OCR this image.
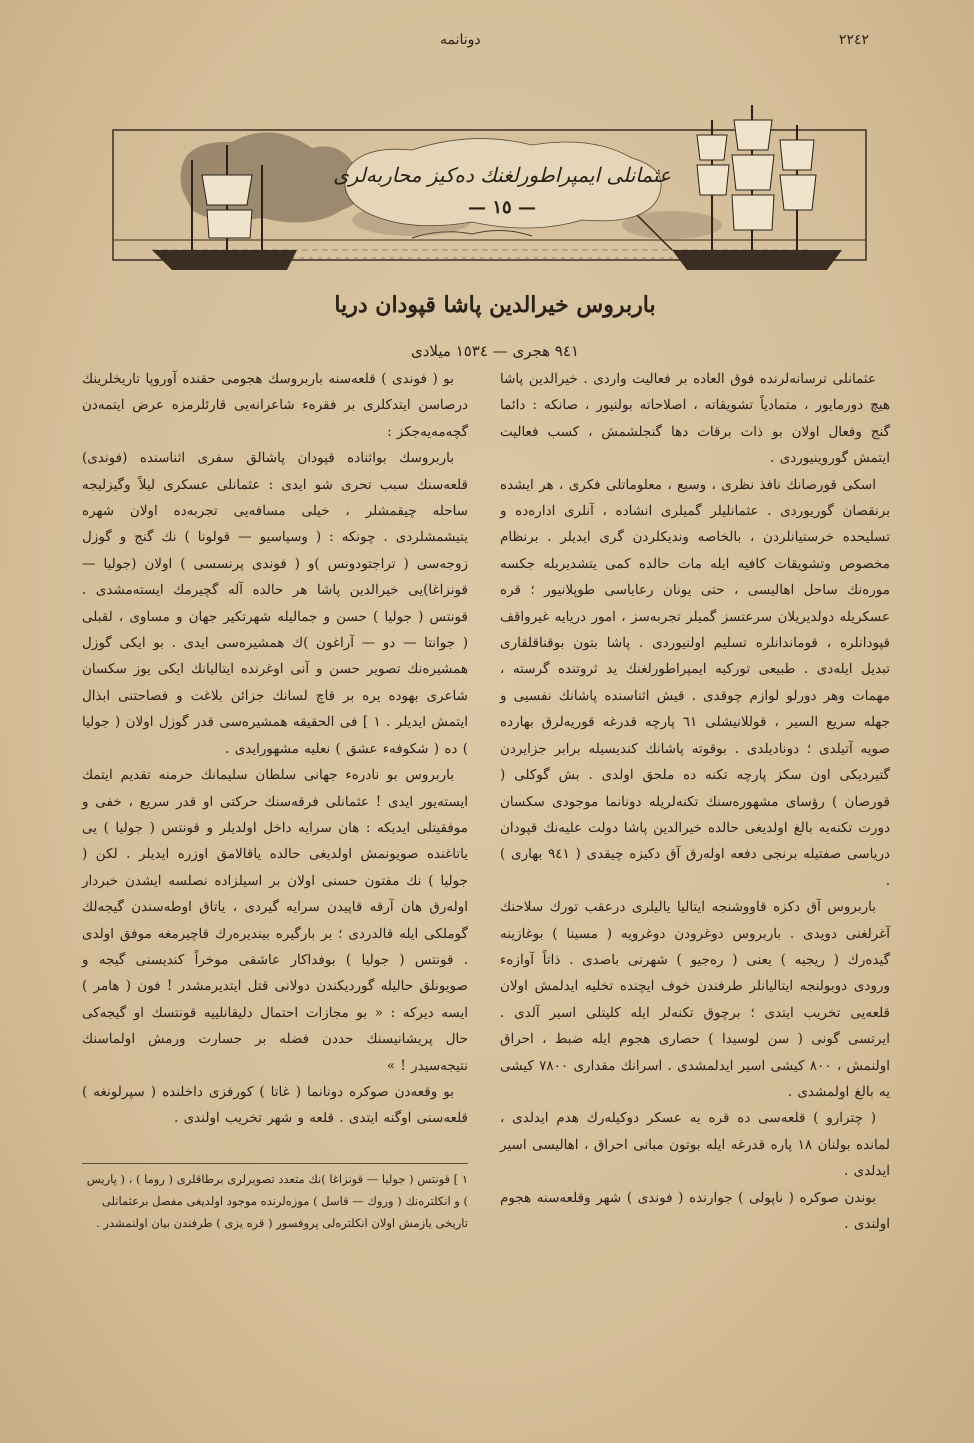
٢٢٤٢
دونانمه
عثمانلی ایمپراطورلغنك دەكیز محاربەلری
— ١٥ —
باربروس خیرالدین پاشا قپودان دریا
٩٤١ هجری — ١٥٣٤ میلادی

عثمانلی ترسانەلرنده فوق العاده بر فعالیت واردی . خیرالدین پاشا هیچ دورمایور ، متمادیاً تشویقاته ، اصلاحاته بولنیور ، صانكه : دائما گنج وفعال اولان بو ذات برقات دها گنجلشمش ، کسب فعالیت ایتمش گوروینیوردی .

اسکی قورصانك نافذ نظری ، وسیع ، معلوماتلی فکری ، هر ایشده برنقصان گوریوردی . عثمانلیلر گمیلری انشاده ، آنلری ادارەده و تسلیحده خرستیانلردن ، بالخاصه وندیکلردن گری ایدیلر . برنظام مخصوص وتشویقات کافیه ایله مات حالده کمی یتشدیریله جکسه مورەنك ساحل اهالیسی ، حتی یونان رعایاسی طوپلانیور ؛ قره عسکریله دولدیریلان سرعتسز گمیلر تجربەسز ، امور دریایه غیرواقف قپودانلره ، قوماندانلره تسلیم اولنیوردی . پاشا بتون بوقناقلقاری تبدیل ایلەدی . طبیعی تورکیه ایمپراطورلغنك ید ثروتنده گرسته ، مهمات وهر دورلو لوازم چوقدی . قیش اثناسنده پاشانك نفسیی و جهله سریع السیر ، قوللانیشلی ٦١ پارچه قدرغه قوریەلرق بهارده صویه آتیلدی ؛ دونادیلدی . بوقوته پاشانك کندیسیله برابر جزایردن گتیردیکی اون سکز پارچه تکنه ده ملحق اولدی . بش گوکلی ( قورصان ) رؤسای مشهورەسنك تکنەلریله دونانما موجودی سکسان دورت تکنەیه بالغ اولدیغی حالده خیرالدین پاشا دولت علیەنك قپودان دریاسی صفتیله برنجی دفعه اولەرق آق دکیزه چیقدی ( ٩٤١ بهاری ) .

باربروس آق دکزه قاووشنجه ایتالیا یالیلری درعقب تورك سلاحنك آغرلغنی دویدی . باربروس دوغرودن دوغرویه ( مسینا ) بوغازینه گیدەرك ( ریجیه ) یعنی ( رەجیو ) شهرنی باصدی . ذاتاً آوازەء ورودی دوبولنجه ایتالیانلر طرفندن خوف ایچنده تخلیه ایدلمش اولان قلعەیی تخریب ایتدی ؛ برچوق تکنەلر ایله کلیتلی اسیر آلدی . ایرتسی گونی ( سن لوسیدا ) حصاری هجوم ایله ضبط ، احراق اولنمش ، ٨٠٠ کیشی اسیر ایدلمشدی . اسرانك مقداری ٧٨٠٠ کیشی یه بالغ اولمشدی .

( چترارو ) قلعەسی ده قره یه عسکر دوکیلەرك هدم ایدلدی ، لمانده بولنان ١٨ پاره قدرغه ایله بوتون مبانی احراق ، اهالیسی اسیر ایدلدی .

بوندن صوکره ( ناپولی ) جوارنده ( فوندی ) شهر وقلعەسنه هجوم اولندی .

بو ( فوندی ) قلعەسنه باربروسك هجومی حقنده آوروپا تاریخلرینك درصاسن ایتدکلری بر فقرەء شاعرانەیی قارئلرمزه عرض ایتمەدن گچەمەیەجکز :

باربروسك بواثناده قپودان پاشالق سفری اثناسنده (فوندی) قلعەسنك سبب تحری شو ایدی : عثمانلی عسکری لیلاً وگیزلیجه ساحله چیقمشلر ، خیلی مسافەیی تجربەده اولان شهره یتیشمشلردی . چونکه : ( وسپاسیو — قولونا ) نك گنج و گوزل زوجەسی ( تراجتودونس )و ( فوندی پرنسسی ) اولان (جولیا — قونزاغا)یی خیرالدین پاشا هر حالده آله گچیرمك ایستەمشدی . قونتس ( جولیا ) حسن و جمالیله شهرتکیر جهان و مساوی ، لقبلی ( جوانتا — دو — آراغون )ك همشیرەسی ایدی . بو ایکی گوزل همشیرەنك تصویر حسن و آنی اوغرنده ایتالیانك ایکی یوز سکسان شاعری بهوده یره بر قاچ لسانك جزائن بلاغت و فصاحتنی ابذال ایتمش ایدیلر . ١ ] فی الحقیقه همشیرەسی قدر گوزل اولان ( جولیا ) ده ( شکوفەء عشق ) نعلیه مشهورایدی .

باربروس بو نادرەء جهانی سلطان سلیمانك حرمنه تقدیم ایتمك ایستەیور ایدی ! عثمانلی فرقەسنك حرکتی او قدر سریع ، خفی و موفقیتلی ایدیکه : هان سرایه داخل اولدیلر و قونتس ( جولیا ) یی یاتاغنده صویونمش اولدیغی حالده یاقالامق اوزره ایدیلر . لکن ( جولیا ) نك مفتون حسنی اولان بر اسیلزاده نصلسه ایشدن خبردار اولەرق هان آرقه قاپیدن سرایه گیردی ، یاتاق اوطەسندن گیجەلك گوملکی ایله قالدردی ؛ بر بارگیره بیندیرەرك قاچیرمغه موفق اولدی . قونتس ( جولیا ) بوفداکار عاشقی موخراً کندیسنی گیجه و صویونلق حالیله گوردیکندن دولانی قتل ایتدیرمشدر ! فون ( هامر ) ایسه دیرکه : « بو مجازات احتمال دلیقانلییه قونتسك او گیجەکی حال پریشانیسنك حددن فضله بر جسارت ورمش اولماسنك نتیجەسیدر ! »

بو وقعەدن صوکره دونانما ( غاتا ) کورفزی داخلنده ( سپرلونغه ) قلعەسنی اوگنه ایتدی . قلعه و شهر تخریب اولندی .

١ ] قونتس ( جولیا — قونزاغا )نك متعدد تصویرلری برطاقلری ( روما ) ، ( پاریس ) و انکلترەنك ( وروك — قاسل ) موزەلرنده موجود اولدیغی مفصل برعثمانلی تاریخی یازمش اولان انکلترەلی پروفسور ( قره یزی ) طرفندن بیان اولنمشدر .
